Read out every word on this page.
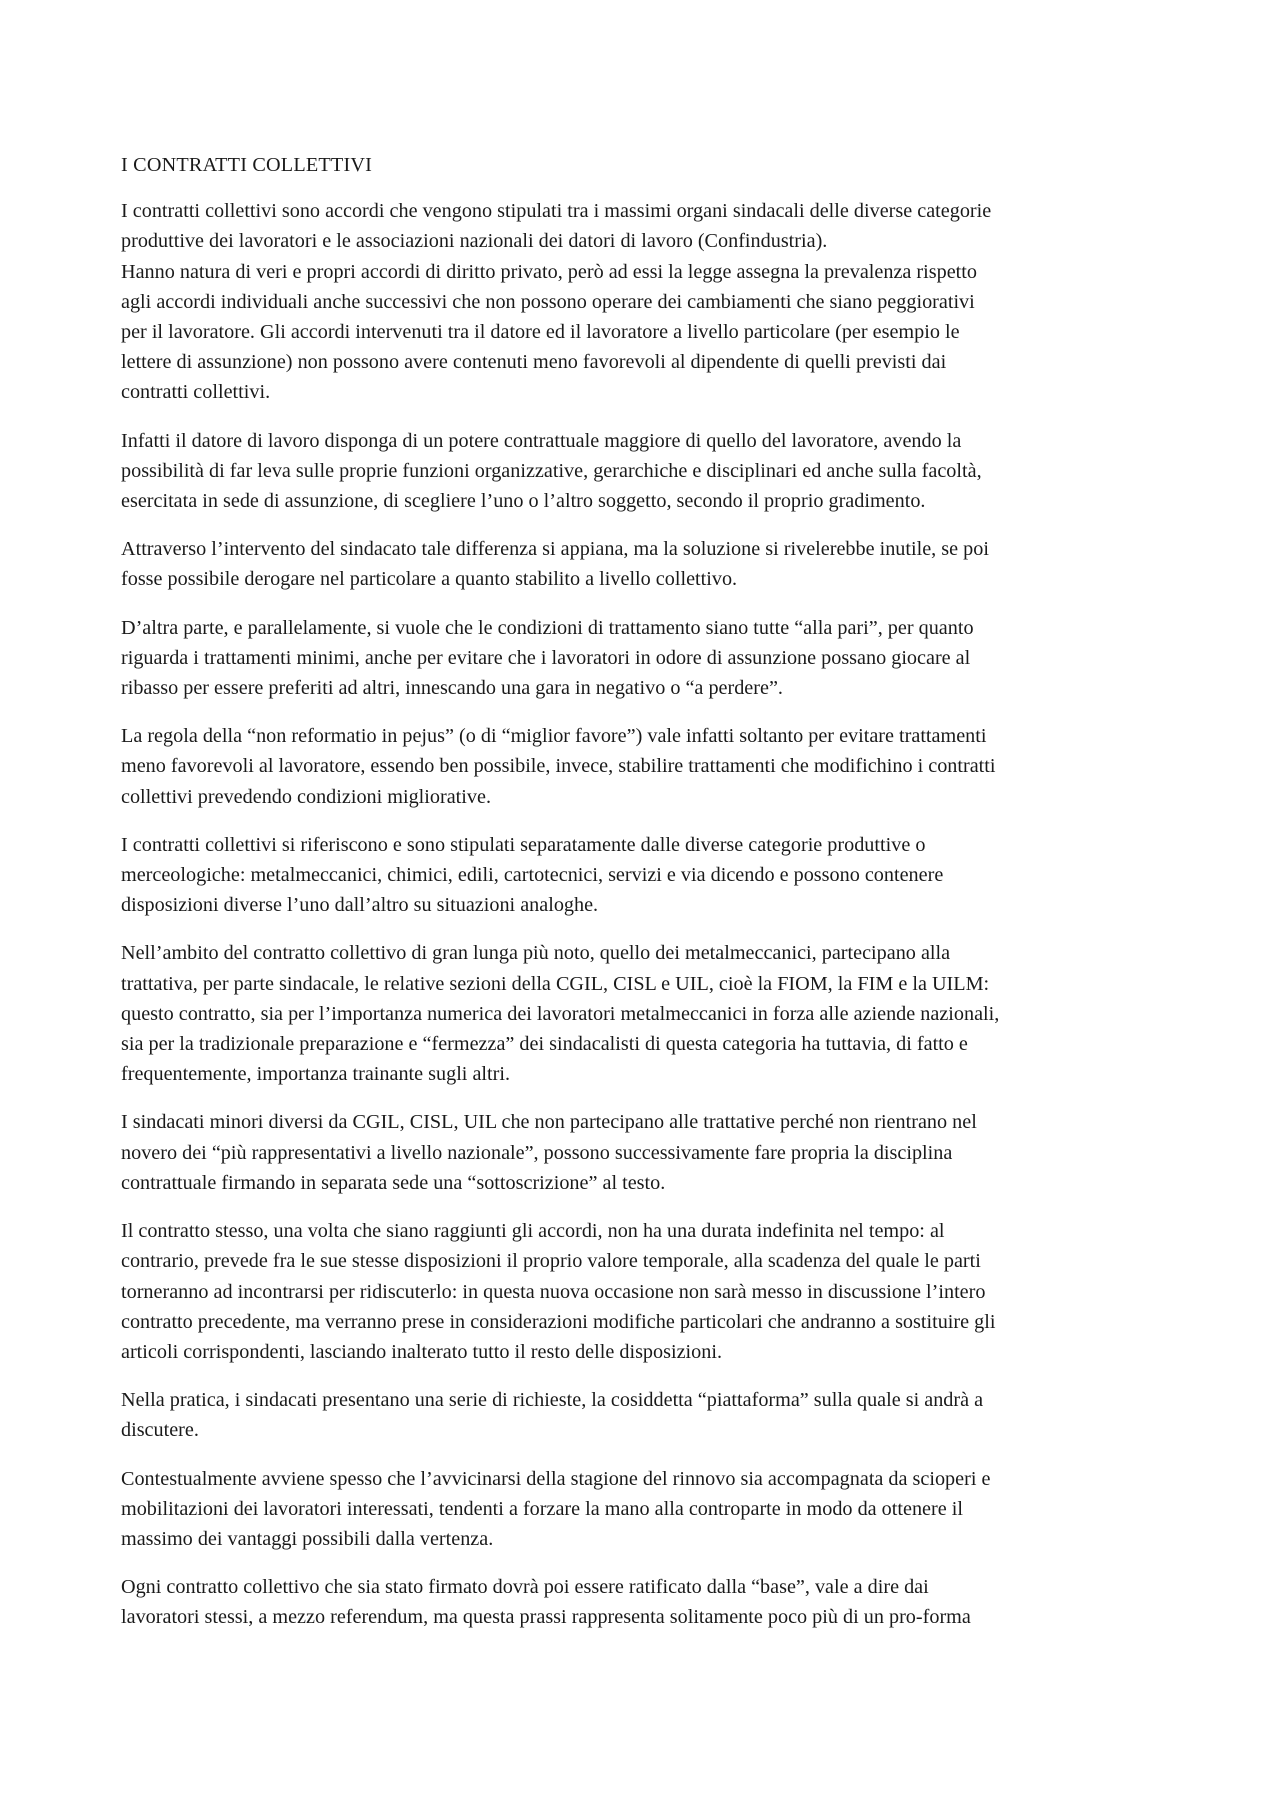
I CONTRATTI COLLETTIVI

I contratti collettivi sono accordi che vengono stipulati tra i massimi organi sindacali delle diverse categorie
produttive dei lavoratori e le associazioni nazionali dei datori di lavoro (Confindustria).
Hanno natura di veri e propri accordi di diritto privato, però ad essi la legge assegna la prevalenza rispetto
agli accordi individuali anche successivi che non possono operare dei cambiamenti che siano peggiorativi
per il lavoratore. Gli accordi intervenuti tra il datore ed il lavoratore a livello particolare (per esempio le
lettere di assunzione) non possono avere contenuti meno favorevoli al dipendente di quelli previsti dai
contratti collettivi.

Infatti il datore di lavoro disponga di un potere contrattuale maggiore di quello del lavoratore, avendo la
possibilità di far leva sulle proprie funzioni organizzative, gerarchiche e disciplinari ed anche sulla facoltà,
esercitata in sede di assunzione, di scegliere l’uno o l’altro soggetto, secondo il proprio gradimento.

Attraverso l’intervento del sindacato tale differenza si appiana, ma la soluzione si rivelerebbe inutile, se poi
fosse possibile derogare nel particolare a quanto stabilito a livello collettivo.

D’altra parte, e parallelamente, si vuole che le condizioni di trattamento siano tutte “alla pari”, per quanto
riguarda i trattamenti minimi, anche per evitare che i lavoratori in odore di assunzione possano giocare al
ribasso per essere preferiti ad altri, innescando una gara in negativo o “a perdere”.

La regola della “non reformatio in pejus” (o di “miglior favore”) vale infatti soltanto per evitare trattamenti
meno favorevoli al lavoratore, essendo ben possibile, invece, stabilire trattamenti che modifichino i contratti
collettivi prevedendo condizioni migliorative.

I contratti collettivi si riferiscono e sono stipulati separatamente dalle diverse categorie produttive o
merceologiche: metalmeccanici, chimici, edili, cartotecnici, servizi e via dicendo e possono contenere
disposizioni diverse l’uno dall’altro su situazioni analoghe.

Nell’ambito del contratto collettivo di gran lunga più noto, quello dei metalmeccanici, partecipano alla
trattativa, per parte sindacale, le relative sezioni della CGIL, CISL e UIL, cioè la FIOM, la FIM e la UILM:
questo contratto, sia per l’importanza numerica dei lavoratori metalmeccanici in forza alle aziende nazionali,
sia per la tradizionale preparazione e “fermezza” dei sindacalisti di questa categoria ha tuttavia, di fatto e
frequentemente, importanza trainante sugli altri.

I sindacati minori diversi da CGIL, CISL, UIL che non partecipano alle trattative perché non rientrano nel
novero dei “più rappresentativi a livello nazionale”, possono successivamente fare propria la disciplina
contrattuale firmando in separata sede una “sottoscrizione” al testo.

Il contratto stesso, una volta che siano raggiunti gli accordi, non ha una durata indefinita nel tempo: al
contrario, prevede fra le sue stesse disposizioni il proprio valore temporale, alla scadenza del quale le parti
torneranno ad incontrarsi per ridiscuterlo: in questa nuova occasione non sarà messo in discussione l’intero
contratto precedente, ma verranno prese in considerazioni modifiche particolari che andranno a sostituire gli
articoli corrispondenti, lasciando inalterato tutto il resto delle disposizioni.

Nella pratica, i sindacati presentano una serie di richieste, la cosiddetta “piattaforma” sulla quale si andrà a
discutere.

Contestualmente avviene spesso che l’avvicinarsi della stagione del rinnovo sia accompagnata da scioperi e
mobilitazioni dei lavoratori interessati, tendenti a forzare la mano alla controparte in modo da ottenere il
massimo dei vantaggi possibili dalla vertenza.

Ogni contratto collettivo che sia stato firmato dovrà poi essere ratificato dalla “base”, vale a dire dai
lavoratori stessi, a mezzo referendum, ma questa prassi rappresenta solitamente poco più di un pro-forma
